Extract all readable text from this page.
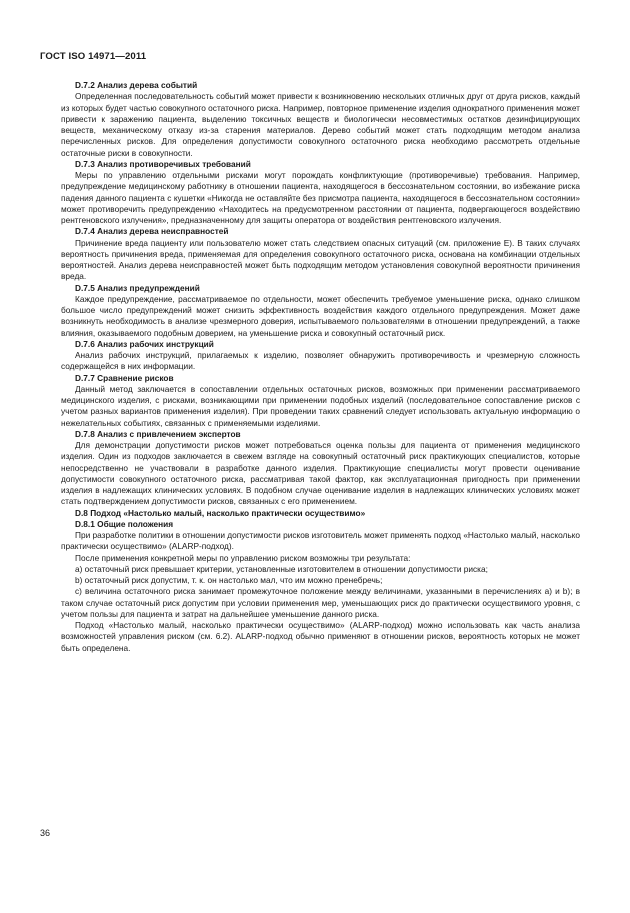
ГОСТ ISO 14971—2011
D.7.2 Анализ дерева событий

Определенная последовательность событий может привести к возникновению нескольких отличных друг от друга рисков, каждый из которых будет частью совокупного остаточного риска. Например, повторное применение изделия однократного применения может привести к заражению пациента, выделению токсичных веществ и биологически несовместимых остатков дезинфицирующих веществ, механическому отказу из-за старения материалов. Дерево событий может стать подходящим методом анализа перечисленных рисков. Для определения допустимости совокупного остаточного риска необходимо рассмотреть отдельные остаточные риски в совокупности.

D.7.3 Анализ противоречивых требований

Меры по управлению отдельными рисками могут порождать конфликтующие (противоречивые) требования. Например, предупреждение медицинскому работнику в отношении пациента, находящегося в бессознательном состоянии, во избежание риска падения данного пациента с кушетки «Никогда не оставляйте без присмотра пациента, находящегося в бессознательном состоянии» может противоречить предупреждению «Находитесь на предусмотренном расстоянии от пациента, подвергающегося воздействию рентгеновского излучения», предназначенному для защиты оператора от воздействия рентгеновского излучения.

D.7.4 Анализ дерева неисправностей

Причинение вреда пациенту или пользователю может стать следствием опасных ситуаций (см. приложение Е). В таких случаях вероятность причинения вреда, применяемая для определения совокупного остаточного риска, основана на комбинации отдельных вероятностей. Анализ дерева неисправностей может быть подходящим методом установления совокупной вероятности причинения вреда.

D.7.5 Анализ предупреждений

Каждое предупреждение, рассматриваемое по отдельности, может обеспечить требуемое уменьшение риска, однако слишком большое число предупреждений может снизить эффективность воздействия каждого отдельного предупреждения. Может даже возникнуть необходимость в анализе чрезмерного доверия, испытываемого пользователями в отношении предупреждений, а также влияния, оказываемого подобным доверием, на уменьшение риска и совокупный остаточный риск.

D.7.6 Анализ рабочих инструкций

Анализ рабочих инструкций, прилагаемых к изделию, позволяет обнаружить противоречивость и чрезмерную сложность содержащейся в них информации.

D.7.7 Сравнение рисков

Данный метод заключается в сопоставлении отдельных остаточных рисков, возможных при применении рассматриваемого медицинского изделия, с рисками, возникающими при применении подобных изделий (последовательное сопоставление рисков с учетом разных вариантов применения изделия). При проведении таких сравнений следует использовать актуальную информацию о нежелательных событиях, связанных с применяемыми изделиями.

D.7.8 Анализ с привлечением экспертов

Для демонстрации допустимости рисков может потребоваться оценка пользы для пациента от применения медицинского изделия. Один из подходов заключается в свежем взгляде на совокупный остаточный риск практикующих специалистов, которые непосредственно не участвовали в разработке данного изделия. Практикующие специалисты могут провести оценивание допустимости совокупного остаточного риска, рассматривая такой фактор, как эксплуатационная пригодность при применении изделия в надлежащих клинических условиях. В подобном случае оценивание изделия в надлежащих клинических условиях может стать подтверждением допустимости рисков, связанных с его применением.

D.8 Подход «Настолько малый, насколько практически осуществимо»
D.8.1 Общие положения

При разработке политики в отношении допустимости рисков изготовитель может применять подход «Настолько малый, насколько практически осуществимо» (ALARP-подход).

После применения конкретной меры по управлению риском возможны три результата:

а) остаточный риск превышает критерии, установленные изготовителем в отношении допустимости риска;

b) остаточный риск допустим, т. к. он настолько мал, что им можно пренебречь;

с) величина остаточного риска занимает промежуточное положение между величинами, указанными в перечислениях а) и b); в таком случае остаточный риск допустим при условии применения мер, уменьшающих риск до практически осуществимого уровня, с учетом пользы для пациента и затрат на дальнейшее уменьшение данного риска.

Подход «Настолько малый, насколько практически осуществимо» (ALARP-подход) можно использовать как часть анализа возможностей управления риском (см. 6.2). ALARP-подход обычно применяют в отношении рисков, вероятность которых не может быть определена.

36
